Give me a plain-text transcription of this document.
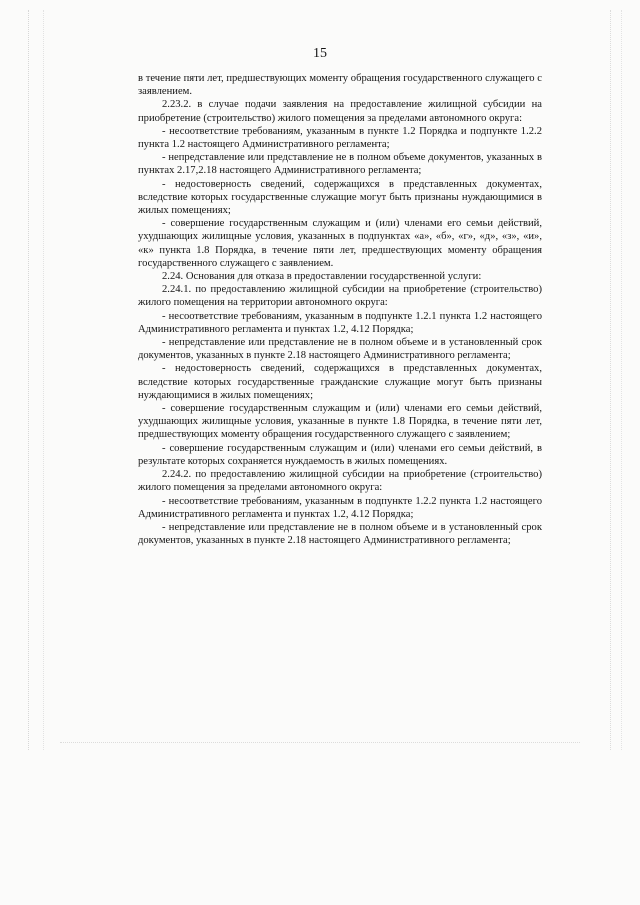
15

в течение пяти лет, предшествующих моменту обращения государственного служащего с заявлением.

2.23.2. в случае подачи заявления на предоставление жилищной субсидии на приобретение (строительство) жилого помещения за пределами автономного округа:

- несоответствие требованиям, указанным в пункте 1.2 Порядка и подпункте 1.2.2 пункта 1.2 настоящего Административного регламента;

- непредставление или представление не в полном объеме документов, указанных в пунктах 2.17,2.18 настоящего Административного регламента;

- недостоверность сведений, содержащихся в представленных документах, вследствие которых государственные служащие могут быть признаны нуждающимися в жилых помещениях;

- совершение государственным служащим и (или) членами его семьи действий, ухудшающих жилищные условия, указанных в подпунктах «а», «б», «г», «д», «з», «и», «к» пункта 1.8 Порядка, в течение пяти лет, предшествующих моменту обращения государственного служащего с заявлением.

2.24. Основания для отказа в предоставлении государственной услуги:

2.24.1. по предоставлению жилищной субсидии на приобретение (строительство) жилого помещения на территории автономного округа:

- несоответствие требованиям, указанным в подпункте 1.2.1 пункта 1.2 настоящего Административного регламента и пунктах 1.2, 4.12 Порядка;

- непредставление или представление не в полном объеме и в установленный срок документов, указанных в пункте 2.18 настоящего Административного регламента;

- недостоверность сведений, содержащихся в представленных документах, вследствие которых государственные гражданские служащие могут быть признаны нуждающимися в жилых помещениях;

- совершение государственным служащим и (или) членами его семьи действий, ухудшающих жилищные условия, указанные в пункте 1.8 Порядка, в течение пяти лет, предшествующих моменту обращения государственного служащего с заявлением;

- совершение государственным служащим и (или) членами его семьи действий, в результате которых сохраняется нуждаемость в жилых помещениях.

2.24.2. по предоставлению жилищной субсидии на приобретение (строительство) жилого помещения за пределами автономного округа:

- несоответствие требованиям, указанным в подпункте 1.2.2 пункта 1.2 настоящего Административного регламента и пунктах 1.2, 4.12 Порядка;

- непредставление или представление не в полном объеме и в установленный срок документов, указанных в пункте 2.18 настоящего Административного регламента;
